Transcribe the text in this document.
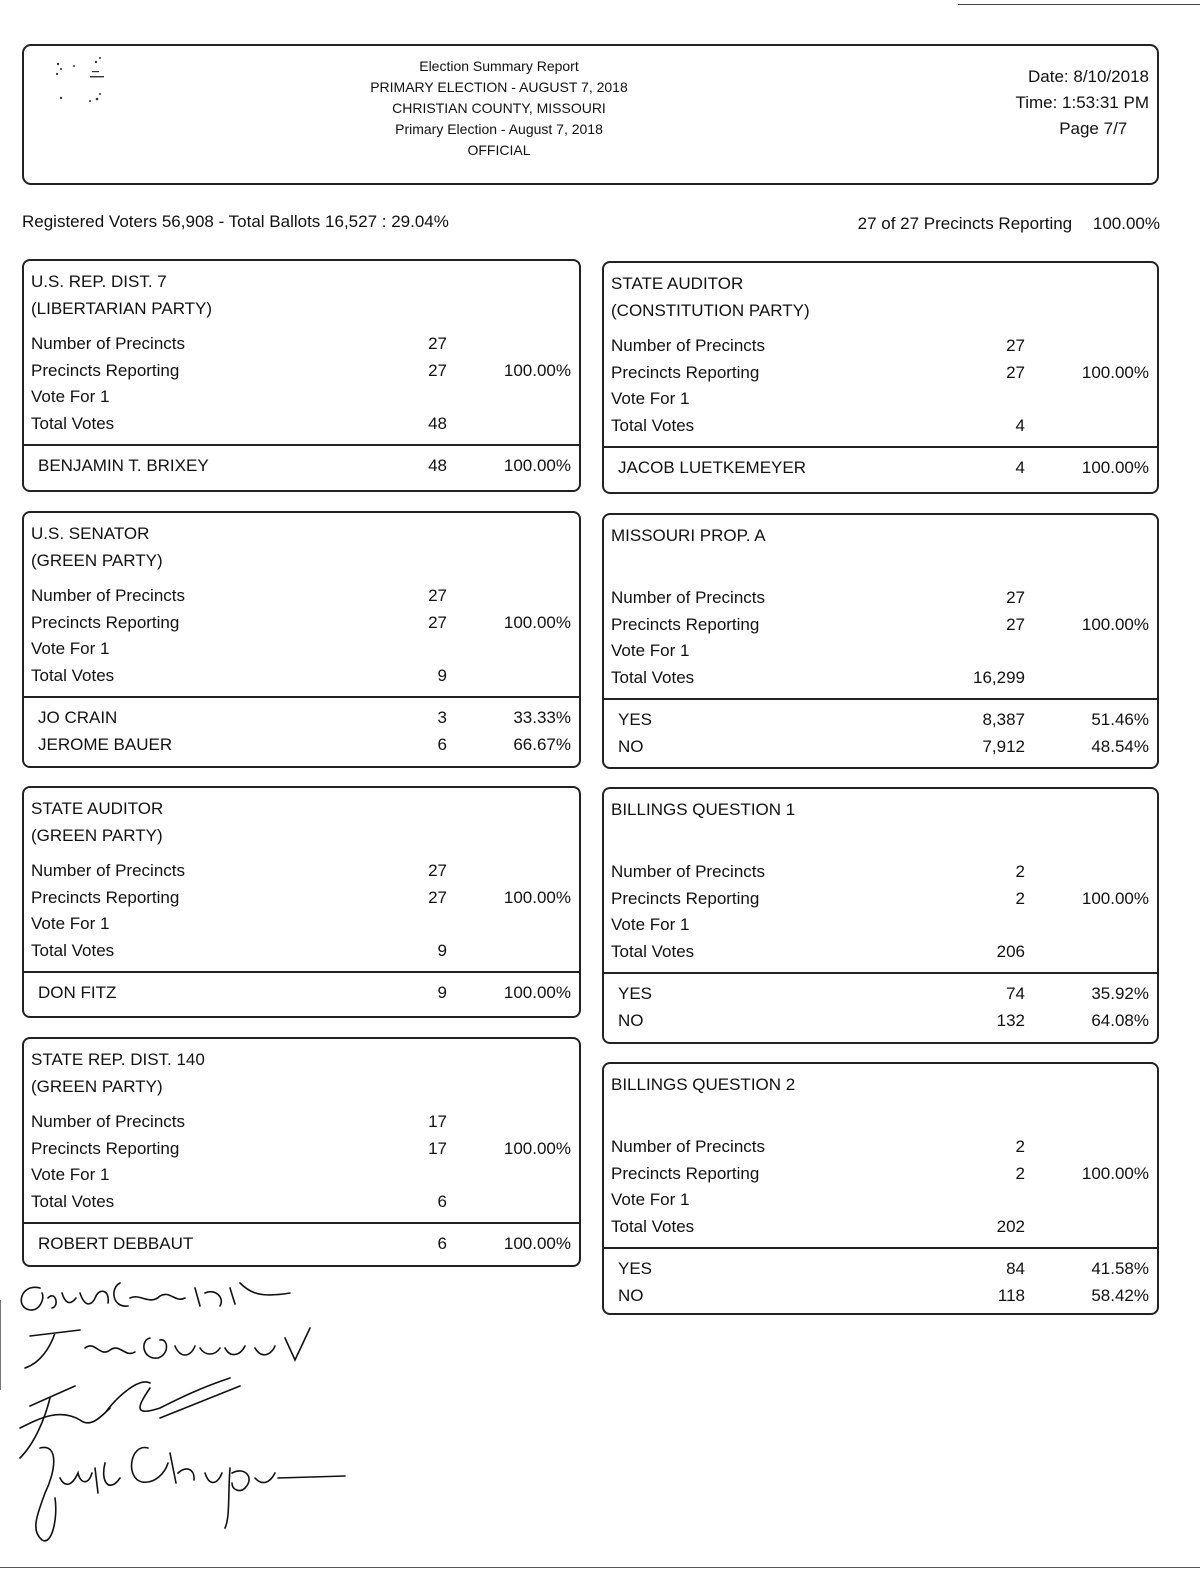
Election Summary Report
PRIMARY ELECTION - AUGUST 7, 2018
CHRISTIAN COUNTY, MISSOURI
Primary Election - August 7, 2018
OFFICIAL
Date: 8/10/2018
Time: 1:53:31 PM
Page 7/7
Registered Voters 56,908 - Total Ballots 16,527 : 29.04%	27 of 27 Precincts Reporting 100.00%
U.S. REP. DIST. 7
(LIBERTARIAN PARTY)
Number of Precincts	27
Precincts Reporting	27	100.00%
Vote For 1
Total Votes	48
BENJAMIN T. BRIXEY	48	100.00%
U.S. SENATOR
(GREEN PARTY)
Number of Precincts	27
Precincts Reporting	27	100.00%
Vote For 1
Total Votes	9
JO CRAIN	3	33.33%
JEROME BAUER	6	66.67%
STATE AUDITOR
(GREEN PARTY)
Number of Precincts	27
Precincts Reporting	27	100.00%
Vote For 1
Total Votes	9
DON FITZ	9	100.00%
STATE REP. DIST. 140
(GREEN PARTY)
Number of Precincts	17
Precincts Reporting	17	100.00%
Vote For 1
Total Votes	6
ROBERT DEBBAUT	6	100.00%
STATE AUDITOR
(CONSTITUTION PARTY)
Number of Precincts	27
Precincts Reporting	27	100.00%
Vote For 1
Total Votes	4
JACOB LUETKEMEYER	4	100.00%
MISSOURI PROP. A
Number of Precincts	27
Precincts Reporting	27	100.00%
Vote For 1
Total Votes	16,299
YES	8,387	51.46%
NO	7,912	48.54%
BILLINGS QUESTION 1
Number of Precincts	2
Precincts Reporting	2	100.00%
Vote For 1
Total Votes	206
YES	74	35.92%
NO	132	64.08%
BILLINGS QUESTION 2
Number of Precincts	2
Precincts Reporting	2	100.00%
Vote For 1
Total Votes	202
YES	84	41.58%
NO	118	58.42%
